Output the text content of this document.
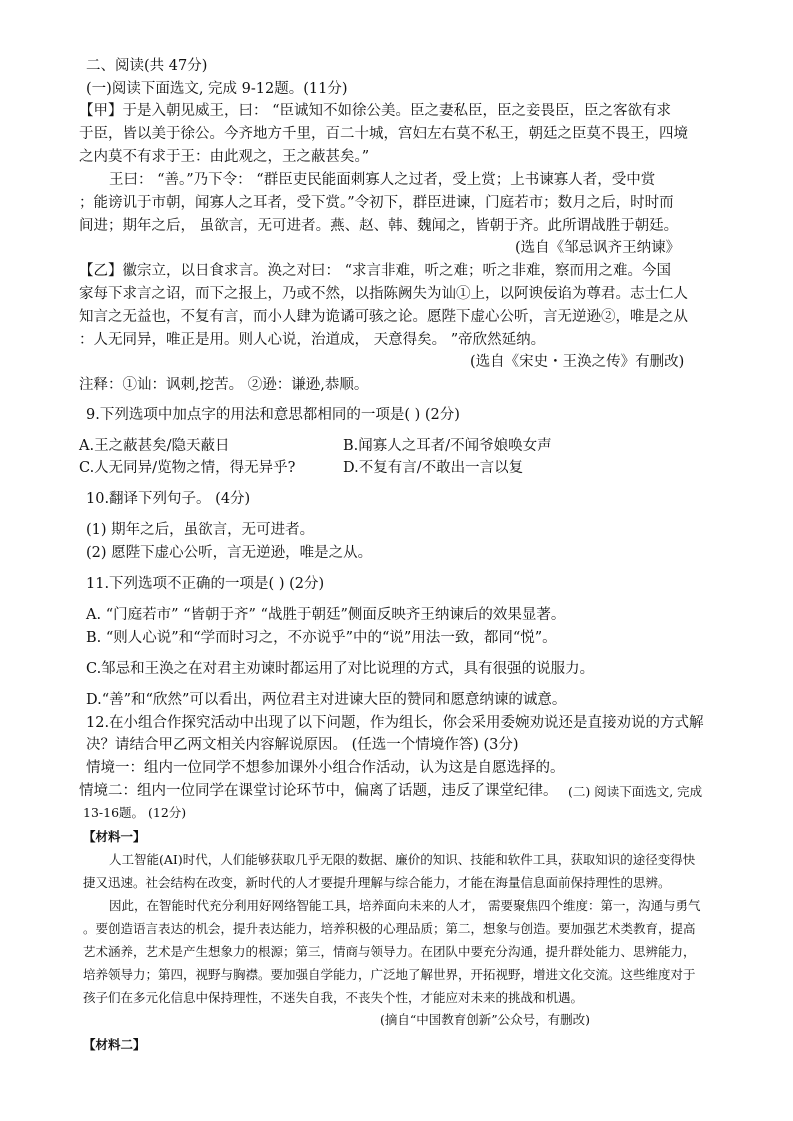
二、阅读(共 47分)
(一)阅读下面选文, 完成 9-12题。(11分)
【甲】于是入朝见威王，曰： “臣诚知不如徐公美。臣之妻私臣，臣之妾畏臣，臣之客欲有求
于臣，皆以美于徐公。今齐地方千里，百二十城，宫妇左右莫不私王，朝廷之臣莫不畏王，四境
之内莫不有求于王：由此观之，王之蔽甚矣。”
王曰： “善。”乃下令： “群臣吏民能面刺寡人之过者，受上赏；上书谏寡人者，受中赏
；能谤讥于市朝，闻寡人之耳者，受下赏。”令初下，群臣进谏，门庭若市；数月之后，时时而
间进；期年之后， 虽欲言，无可进者。燕、赵、韩、魏闻之，皆朝于齐。此所谓战胜于朝廷。
(选自《邹忌讽齐王纳谏》
【乙】徽宗立，以日食求言。涣之对曰： “求言非难，听之难；听之非难，察而用之难。今国
家每下求言之诏，而下之报上，乃或不然，以指陈阙失为讪①上，以阿谀佞谄为尊君。志士仁人
知言之无益也，不复有言，而小人肆为诡谲可骇之论。愿陛下虚心公听，言无逆逊②，唯是之从
：人无同异，唯正是用。则人心说，治道成， 天意得矣。 ”帝欣然延纳。
(选自《宋史・王涣之传》有删改)
注释：①讪：讽刺,挖苦。 ②逊：谦逊,恭顺。
9.下列选项中加点字的用法和意思都相同的一项是( ) (2分)
A.王之蔽甚矣/隐天蔽日	B.闻寡人之耳者/不闻爷娘唤女声
C.人无同异/览物之情，得无异乎?	D.不复有言/不敢出一言以复
10.翻译下列句子。 (4分)
(1) 期年之后，虽欲言，无可进者。
(2) 愿陛下虚心公听，言无逆逊，唯是之从。
11.下列选项不正确的一项是( ) (2分)
A. “门庭若市” “皆朝于齐” “战胜于朝廷”侧面反映齐王纳谏后的效果显著。
B. “则人心说”和“学而时习之，不亦说乎”中的“说”用法一致，都同“悦”。
C.邹忌和王涣之在对君主劝谏时都运用了对比说理的方式，具有很强的说服力。
D.“善”和“欣然”可以看出，两位君主对进谏大臣的赞同和愿意纳谏的诚意。
12.在小组合作探究活动中出现了以下问题，作为组长，你会采用委婉劝说还是直接劝说的方式解
决？请结合甲乙两文相关内容解说原因。 (任选一个情境作答) (3分)
情境一：组内一位同学不想参加课外小组合作活动，认为这是自愿选择的。
情境二：组内一位同学在课堂讨论环节中，偏离了话题，违反了课堂纪律。 (二) 阅读下面选文, 完成
13-16题。 (12分)
【材料一】
人工智能(AI)时代，人们能够获取几乎无限的数据、廉价的知识、技能和软件工具，获取知识的途径变得快
捷又迅速。社会结构在改变，新时代的人才要提升理解与综合能力，才能在海量信息面前保持理性的思辨。
因此，在智能时代充分利用好网络智能工具，培养面向未来的人才， 需要聚焦四个维度：第一，沟通与勇气
。要创造语言表达的机会，提升表达能力，培养积极的心理品质；第二，想象与创造。要加强艺术类教育，提高
艺术涵养，艺术是产生想象力的根源；第三，情商与领导力。在团队中要充分沟通，提升群处能力、思辨能力，
培养领导力；第四，视野与胸襟。要加强自学能力，广泛地了解世界，开拓视野，增进文化交流。这些维度对于
孩子们在多元化信息中保持理性，不迷失自我，不丧失个性，才能应对未来的挑战和机遇。
(摘自“中国教育创新”公众号，有删改)
【材料二】
